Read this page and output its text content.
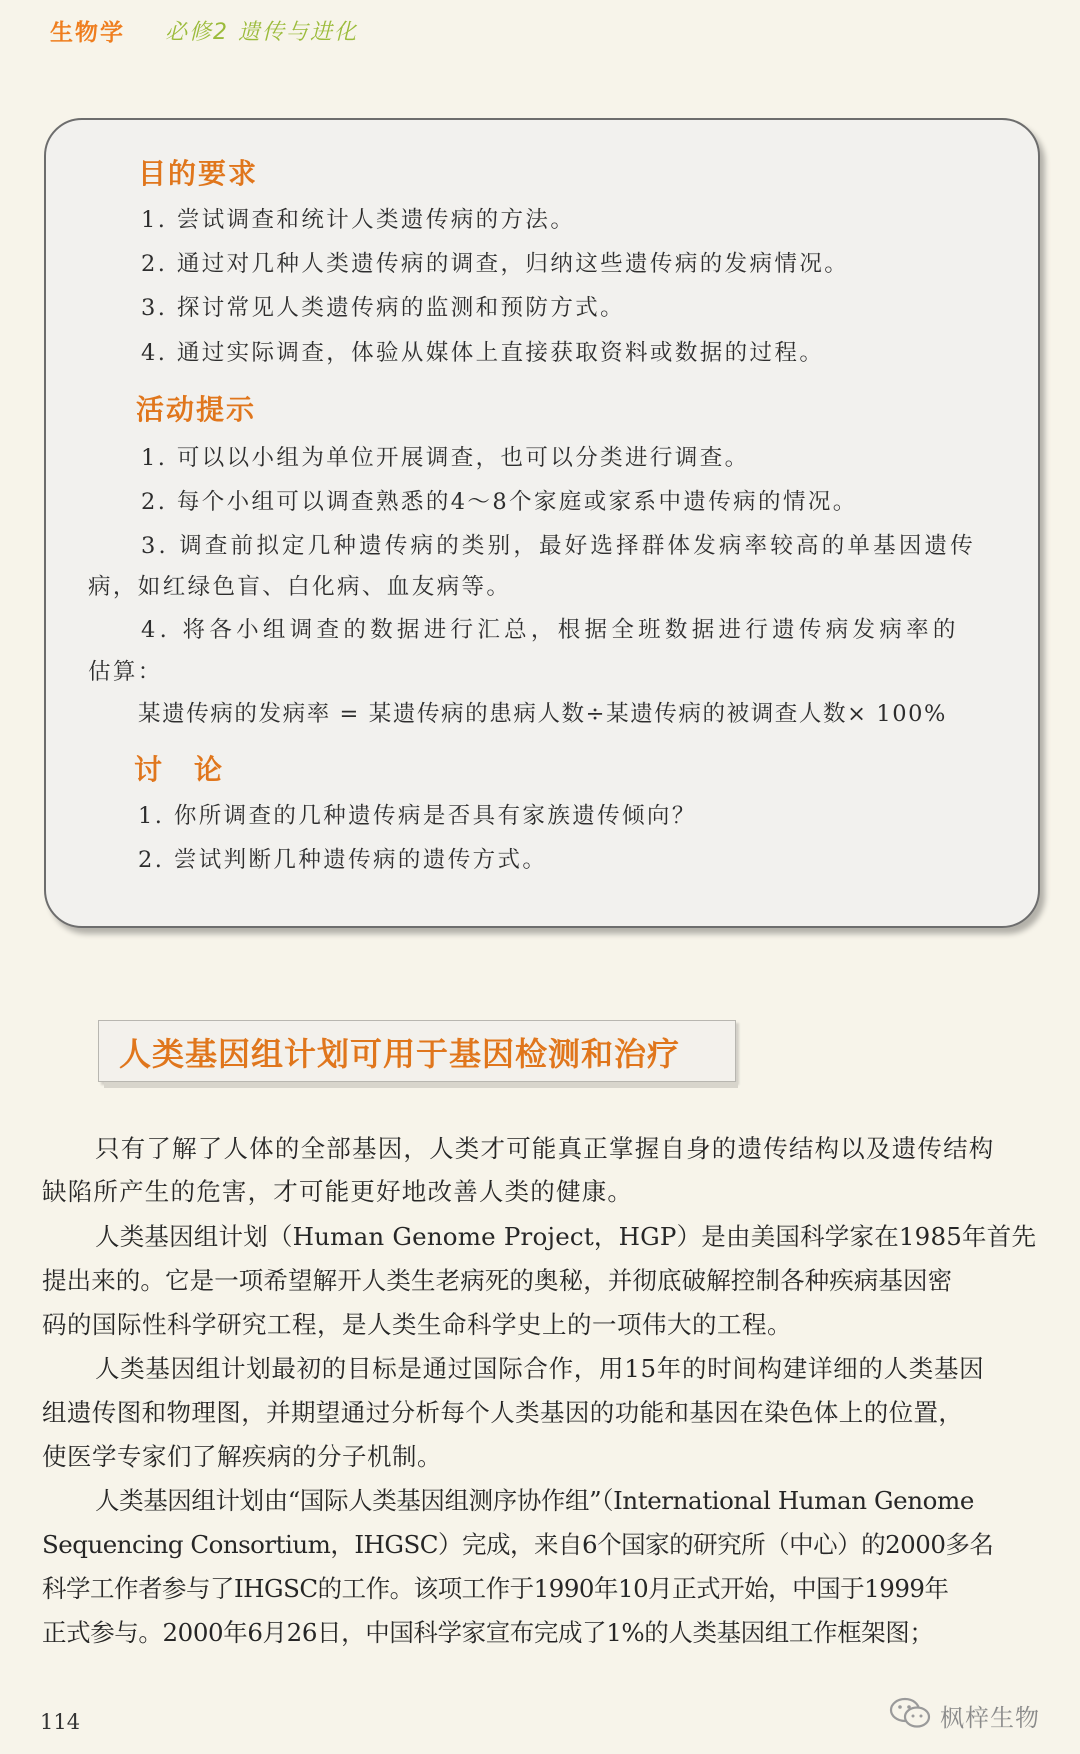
生物学 必修2 遗传与进化
目的要求
1. 尝试调查和统计人类遗传病的方法。
2. 通过对几种人类遗传病的调查，归纳这些遗传病的发病情况。
3. 探讨常见人类遗传病的监测和预防方式。
4. 通过实际调查，体验从媒体上直接获取资料或数据的过程。
活动提示
1. 可以以小组为单位开展调查，也可以分类进行调查。
2. 每个小组可以调查熟悉的4～8个家庭或家系中遗传病的情况。
3. 调查前拟定几种遗传病的类别，最好选择群体发病率较高的单基因遗传
病，如红绿色盲、白化病、血友病等。
4. 将各小组调查的数据进行汇总，根据全班数据进行遗传病发病率的
估算：
某遗传病的发病率 = 某遗传病的患病人数÷某遗传病的被调查人数× 100%
讨　论
1. 你所调查的几种遗传病是否具有家族遗传倾向？
2. 尝试判断几种遗传病的遗传方式。
人类基因组计划可用于基因检测和治疗
只有了解了人体的全部基因，人类才可能真正掌握自身的遗传结构以及遗传结构
缺陷所产生的危害，才可能更好地改善人类的健康。
人类基因组计划（Human Genome Project，HGP）是由美国科学家在1985年首先
提出来的。它是一项希望解开人类生老病死的奥秘，并彻底破解控制各种疾病基因密
码的国际性科学研究工程，是人类生命科学史上的一项伟大的工程。
人类基因组计划最初的目标是通过国际合作，用15年的时间构建详细的人类基因
组遗传图和物理图，并期望通过分析每个人类基因的功能和基因在染色体上的位置，
使医学专家们了解疾病的分子机制。
人类基因组计划由“国际人类基因组测序协作组”（International Human Genome
Sequencing Consortium，IHGSC）完成，来自6个国家的研究所（中心）的2000多名
科学工作者参与了IHGSC的工作。该项工作于1990年10月正式开始，中国于1999年
正式参与。2000年6月26日，中国科学家宣布完成了1%的人类基因组工作框架图；
114	枫梓生物
